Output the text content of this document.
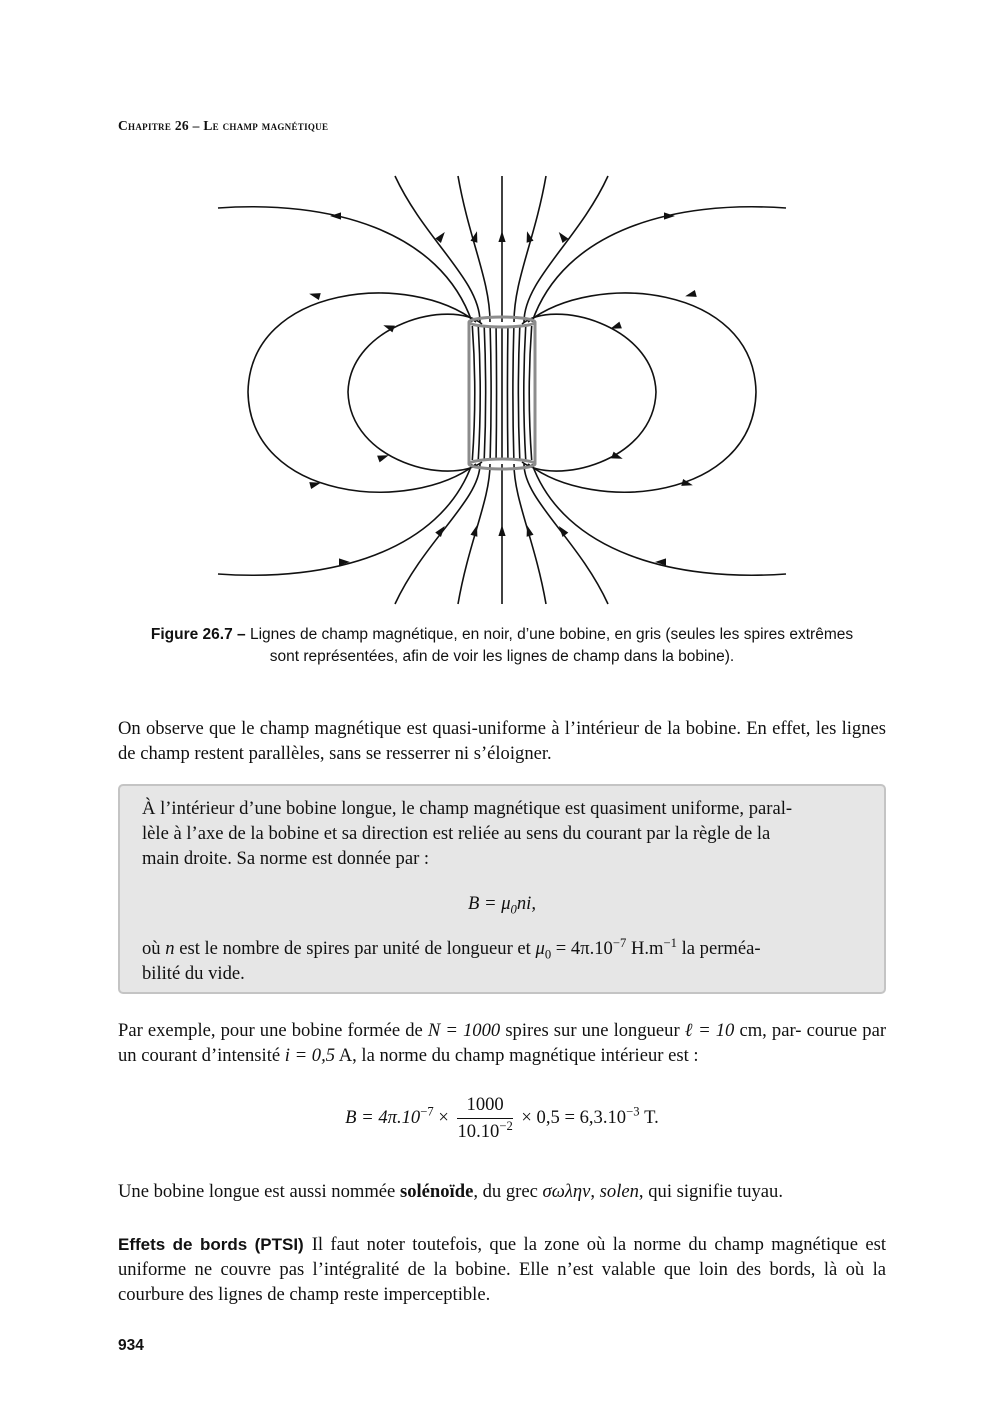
Chapitre 26 – Le champ magnétique
Figure 26.7 – Lignes de champ magnétique, en noir, d’une bobine, en gris (seules les spires extrêmes sont représentées, afin de voir les lignes de champ dans la bobine).
On observe que le champ magnétique est quasi-uniforme à l’intérieur de la bobine. En effet, les lignes de champ restent parallèles, sans se resserrer ni s’éloigner.
À l’intérieur d’une bobine longue, le champ magnétique est quasiment uniforme, paral-
lèle à l’axe de la bobine et sa direction est reliée au sens du courant par la règle de la
main droite. Sa norme est donnée par :
$B = \mu_0ni$,
où n est le nombre de spires par unité de longueur et $\mu_0 = 4\pi.10^{-7}$ $H.m^{-1}$ la perméa-
bilité du vide.
Par exemple, pour une bobine formée de N = 1000 spires sur une longueur ℓ = 10 cm, par- courue par un courant d’intensité i = 0,5 A, la norme du champ magnétique intérieur est :
$B = 4\pi.10^{-7} \times \frac{1000}{10.10^{-2}} \times 0,5 = 6,3.10^{-3}$ T.
Une bobine longue est aussi nommée solénoïde, du grec σωλην, solen, qui signifie tuyau.
Effets de bords (PTSI) Il faut noter toutefois, que la zone où la norme du champ magnétique est uniforme ne couvre pas l’intégralité de la bobine. Elle n’est valable que loin des bords, là où la courbure des lignes de champ reste imperceptible.
934
